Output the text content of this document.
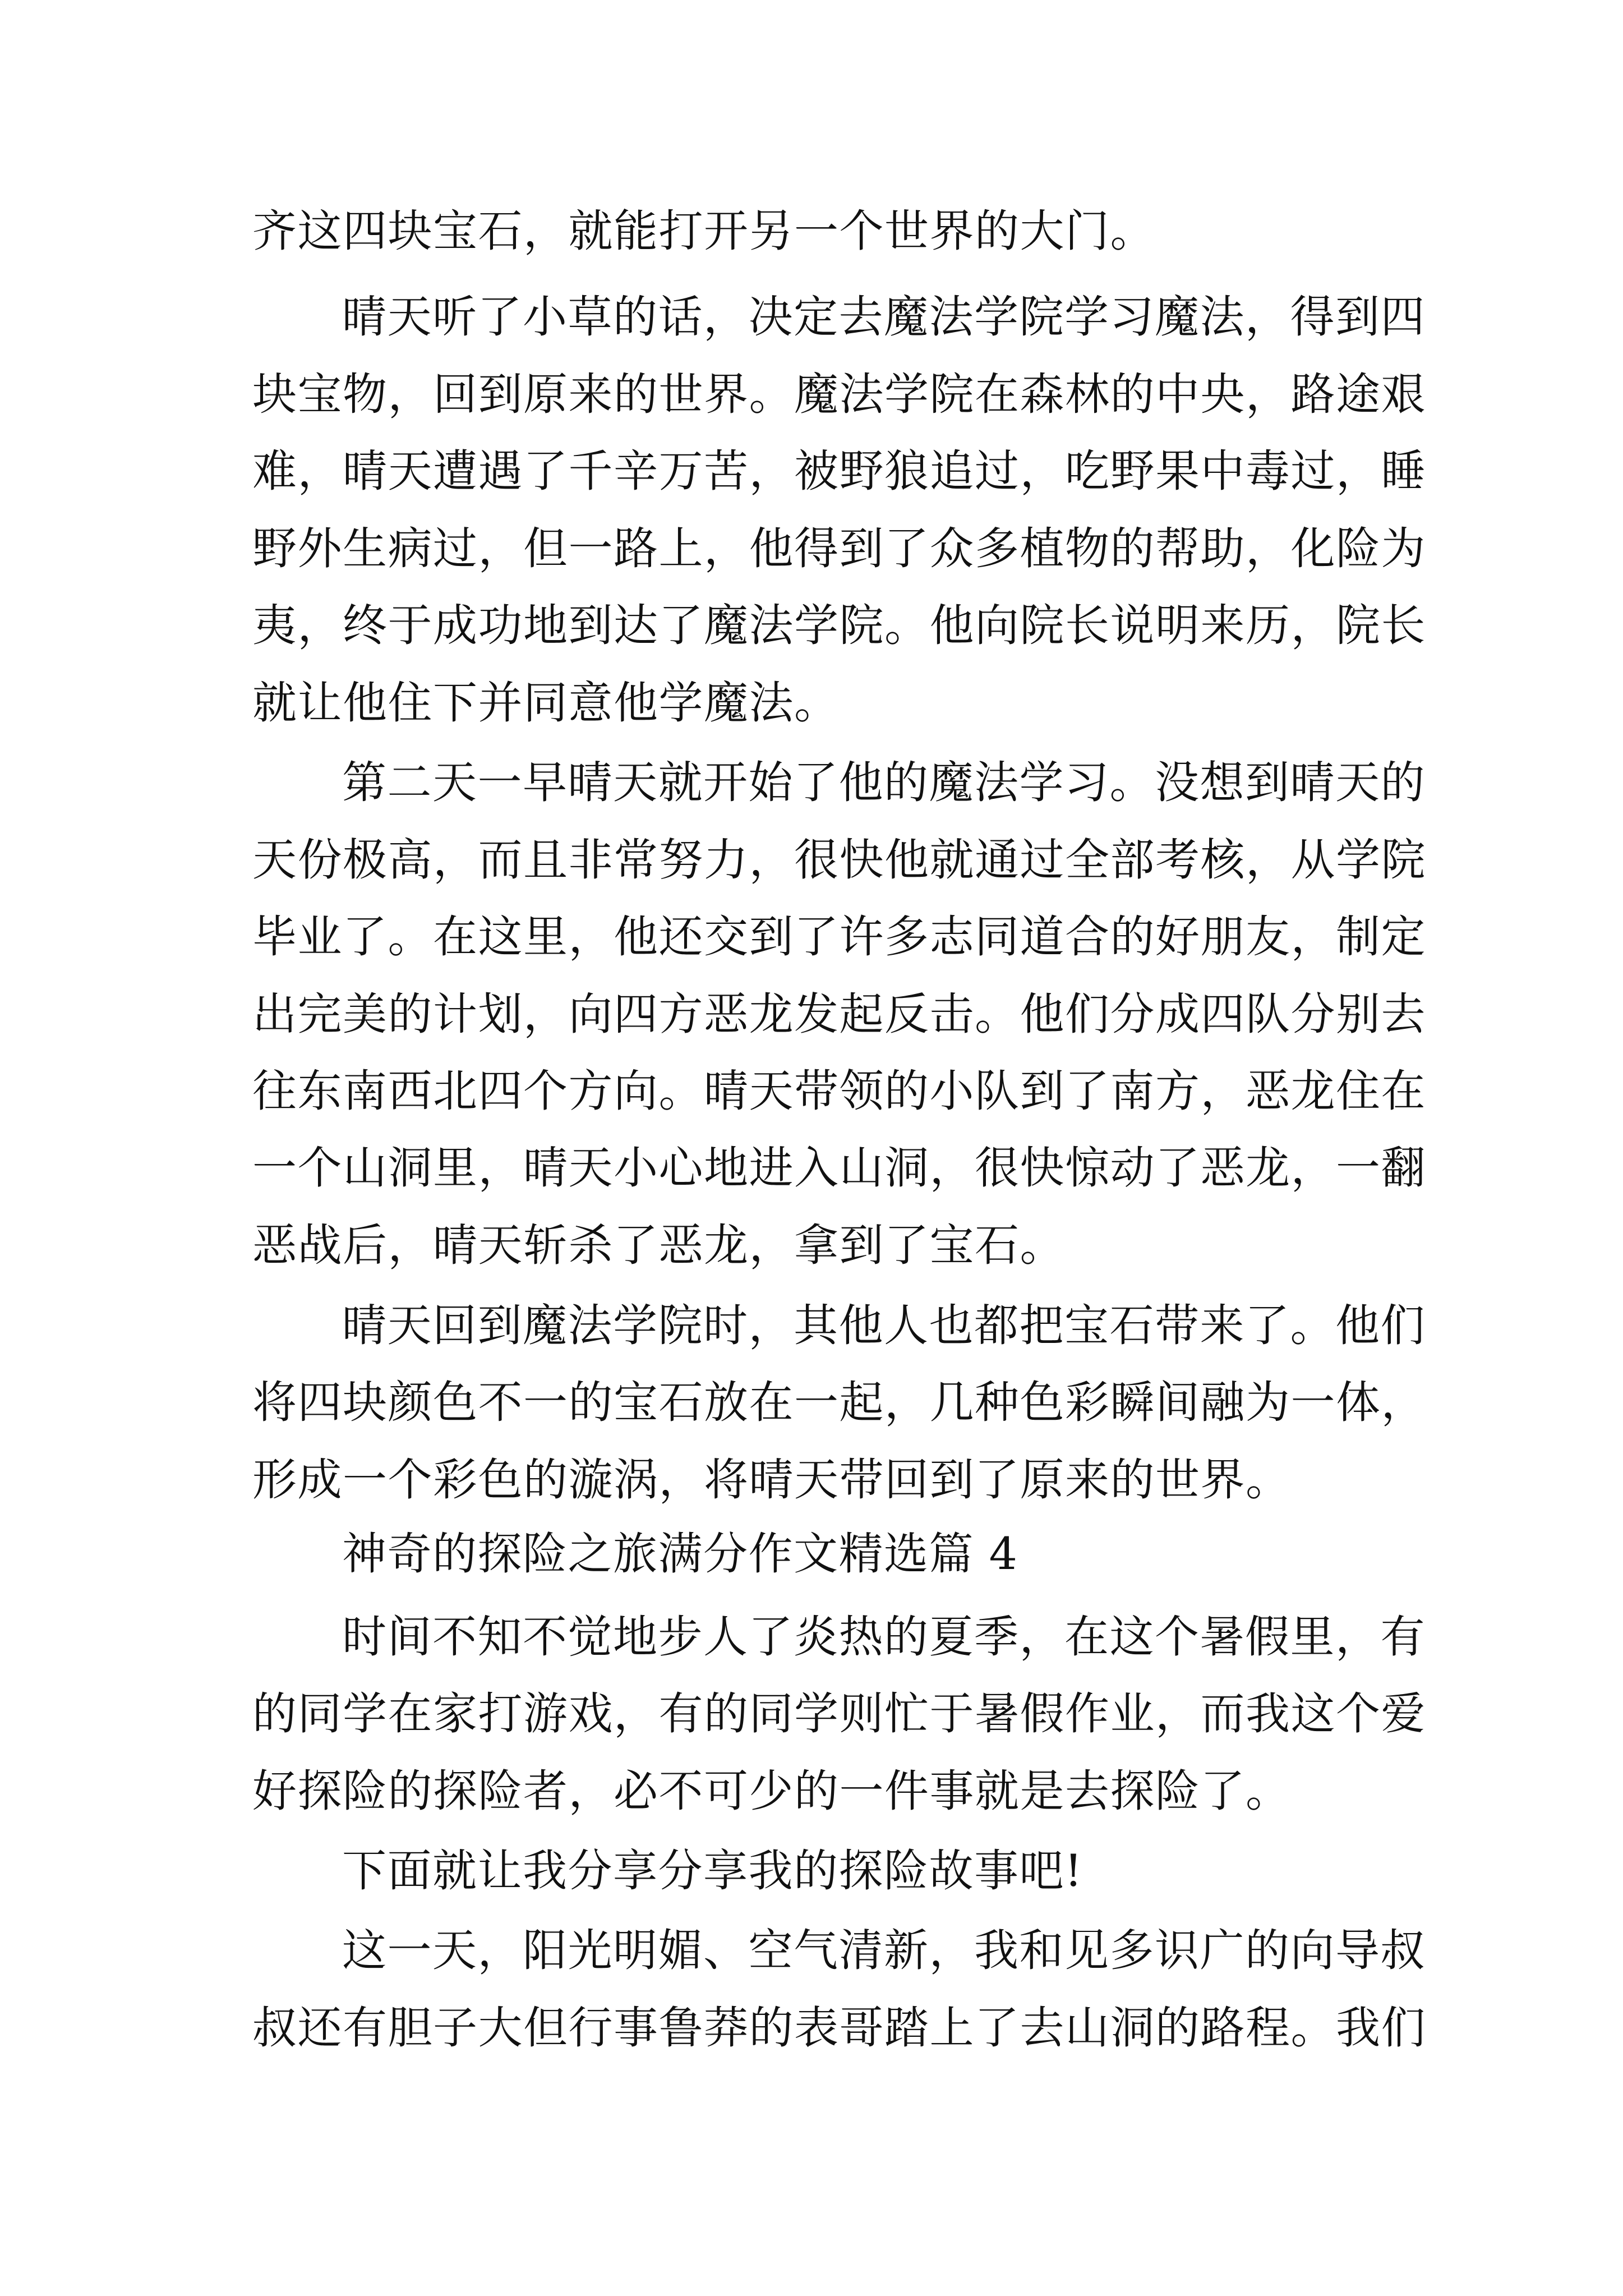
齐这四块宝石，就能打开另一个世界的大门。
晴天听了小草的话，决定去魔法学院学习魔法，得到四
块宝物，回到原来的世界。魔法学院在森林的中央，路途艰
难，晴天遭遇了千辛万苦，被野狼追过，吃野果中毒过，睡
野外生病过，但一路上，他得到了众多植物的帮助，化险为
夷，终于成功地到达了魔法学院。他向院长说明来历，院长
就让他住下并同意他学魔法。
第二天一早晴天就开始了他的魔法学习。没想到晴天的
天份极高，而且非常努力，很快他就通过全部考核，从学院
毕业了。在这里，他还交到了许多志同道合的好朋友，制定
出完美的计划，向四方恶龙发起反击。他们分成四队分别去
往东南西北四个方向。晴天带领的小队到了南方，恶龙住在
一个山洞里，晴天小心地进入山洞，很快惊动了恶龙，一翻
恶战后，晴天斩杀了恶龙，拿到了宝石。
晴天回到魔法学院时，其他人也都把宝石带来了。他们
将四块颜色不一的宝石放在一起，几种色彩瞬间融为一体，
形成一个彩色的漩涡，将晴天带回到了原来的世界。
神奇的探险之旅满分作文精选篇 4
时间不知不觉地步人了炎热的夏季，在这个暑假里，有
的同学在家打游戏，有的同学则忙于暑假作业，而我这个爱
好探险的探险者，必不可少的一件事就是去探险了。
下面就让我分享分享我的探险故事吧!
这一天，阳光明媚、空气清新，我和见多识广的向导叔
叔还有胆子大但行事鲁莽的表哥踏上了去山洞的路程。我们
